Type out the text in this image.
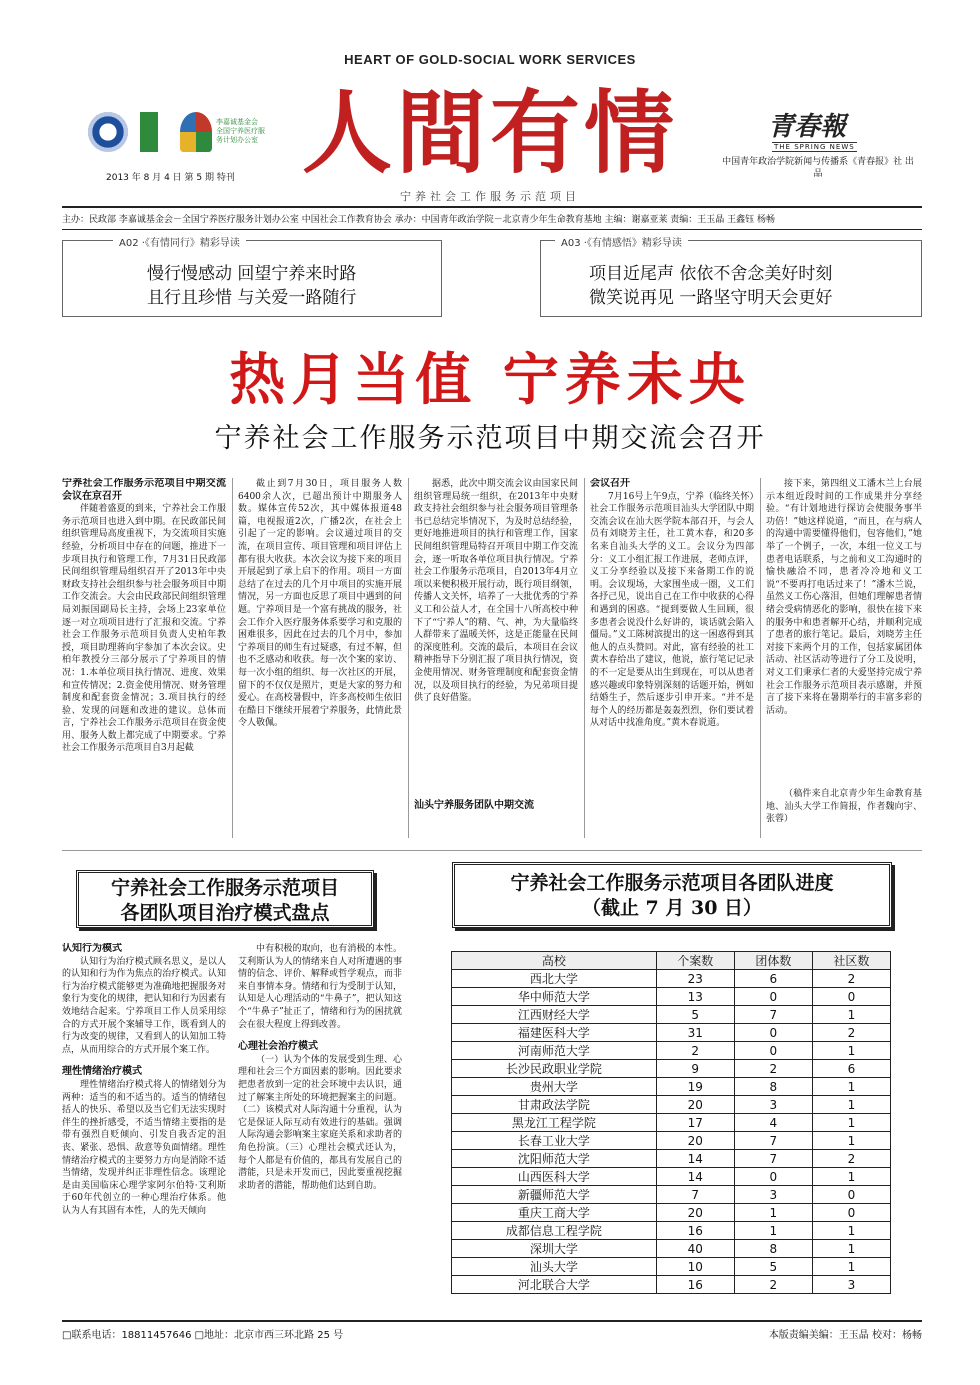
HEART OF GOLD-SOCIAL WORK SERVICES
李嘉诚基金会 全国宁养医疗服务计划办公室 人間有情
2013 年 8 月 4 日 第 5 期 特刊
宁养社会工作服务示范项目
青春報
THE SPRING NEWS
中国青年政治学院新闻与传播系《青春报》社 出品
主办：民政部 李嘉诚基金会－全国宁养医疗服务计划办公室 中国社会工作教育协会 承办：中国青年政治学院－北京青少年生命教育基地 主编：谢嘉亚莱 责编：王玉晶 王鑫钰 杨畅
A02 ·《有情同行》精彩导读
慢行慢感动 回望宁养来时路
且行且珍惜 与关爱一路随行
A03 ·《有情感悟》精彩导读
项目近尾声 依依不舍念美好时刻
微笑说再见 一路坚守明天会更好
热月当值 宁养未央
宁养社会工作服务示范项目中期交流会召开
宁养社会工作服务示范项目中期交流会议在京召开

伴随着盛夏的到来，宁养社会工作服务示范项目也进入到中期。在民政部民间组织管理局高度重视下，为交流项目实施经验，分析项目中存在的问题，推进下一步项目执行和管理工作，7月31日民政部民间组织管理局组织召开了2013年中央财政支持社会组织参与社会服务项目中期工作交流会。大会由民政部民间组织管理局刘振国副局长主持，会场上23家单位逐一对立项项目进行了汇报和交流。宁养社会工作服务示范项目负责人史柏年教授，项目助理蒋向宇参加了本次会议。史柏年教授分三部分展示了宁养项目的情况：1.本单位项目执行情况、进度、效果和宣传情况；2.资金使用情况、财务管理制度和配套资金情况；3.项目执行的经验、发现的问题和改进的建议。总体而言，宁养社会工作服务示范项目在资金使用、服务人数上都完成了中期要求。宁养社会工作服务示范项目自3月起截

截止到7月30日，项目服务人数6400余人次，已超出预计中期服务人数。媒体宣传52次，其中媒体报道48篇，电视报道2次，广播2次，在社会上引起了一定的影响。会议通过项目的交流，在项目宣传、项目管理和项目评估上都有很大收获。本次会议为接下来的项目开展起到了承上启下的作用。项目一方面总结了在过去的几个月中项目的实施开展情况，另一方面也反思了项目中遇到的问题。宁养项目是一个富有挑战的服务，社会工作介入医疗服务体系要学习和克服的困难很多，因此在过去的几个月中，参加宁养项目的师生有过疑惑，有过不解，但也不乏感动和收获。每一次个案的家访、每一次小组的组织、每一次社区的开展，留下的不仅仅是照片，更是大家的努力和爱心。在高校暑假中，许多高校师生依旧在酷日下继续开展着宁养服务，此情此景令人敬佩。

据悉，此次中期交流会议由国家民间组织管理局统一组织，在2013年中央财政支持社会组织参与社会服务项目管理条书已总结完毕情况下，为及时总结经验，更好地推进项目的执行和管理工作，国家民间组织管理局特召开项目中期工作交流会，逐一听取各单位项目执行情况。宁养社会工作服务示范项目，自2013年4月立项以来便积极开展行动，既行项目纲领，传播人文关怀，培养了一大批优秀的宁养义工和公益人才，在全国十八所高校中种下了“宁养人”的精、气、神，为大量临终人群带来了温暖关怀，这是正能量在民间的深度胜利。交流的最后，本项目在会议精神指导下分别汇报了项目执行情况，资金使用情况、财务管理制度和配套资金情况，以及项目执行的经验，为兄弟项目提供了良好借鉴。

汕头宁养服务团队中期交流
会议召开

7月16号上午9点，宁养（临终关怀）社会工作服务示范项目汕头大学团队中期交流会议在汕大医学院本部召开，与会人员有刘晓芳主任，社工黄木春，和20多名来自汕头大学的义工。会议分为四部分：义工小组汇报工作进展，老师点评，义工分享经验以及接下来备期工作的说明。会议现场，大家围坐成一圈，义工们各抒己见，说出自己在工作中收获的心得和遇到的困惑。“提到要做人生回顾，很多患者会说没什么好讲的，谈话就会陷入僵局。”义工陈树滨提出的这一困惑得到其他人的点头赞同。对此，富有经验的社工黄木春给出了建议，他说，旅行笔记记录的不一定是要从出生到现在，可以从患者感兴趣或印象特别深刻的话题开始，例如结婚生子，然后逐步引申开来。“并不是每个人的经历都是轰轰烈烈，你们要试着从对话中找准角度。”黄木春说道。

接下来，第四组义工潘木兰上台展示本组近段时间的工作成果并分享经验。“有计划地进行探访会使服务事半功倍！”她这样说道，“而且，在与病人的沟通中需要懂得他们，包容他们，”她举了一个例子，一次，本组一位义工与患者电话联系，与之前和义工沟通时的愉快融洽不同，患者冷冷地和义工说“不要再打电话过来了！”潘木兰说，虽然义工伤心落泪，但她们理解患者情绪会受病情恶化的影响，很快在接下来的服务中和患者解开心结，并顺利完成了患者的旅行笔记。最后，刘晓芳主任对接下来两个月的工作，包括家属团体活动、社区活动等进行了分工及说明，对义工们秉承仁者的大爱坚持完成宁养社会工作服务示范项目表示感谢，并预言了接下来将在暑期举行的丰富多彩的活动。

（稿件来自北京青少年生命教育基地、汕头大学工作简报，作者魏向宇、张蓉）

宁养社会工作服务示范项目
各团队项目治疗模式盘点
宁养社会工作服务示范项目各团队进度
（截止 7 月 30 日）
认知行为模式

认知行为治疗模式顾名思义，是以人的认知和行为作为焦点的治疗模式。认知行为治疗模式能够更为准确地把握服务对象行为变化的规律，把认知和行为因素有效地结合起来。宁养项目工作人员采用综合的方式开展个案辅导工作，既看到人的行为改变的规律，又看到人的认知加工特点，从而用综合的方式开展个案工作。

理性情绪治疗模式

理性情绪治疗模式将人的情绪划分为两种：适当的和不适当的。适当的情绪包括人的快乐、希望以及当它们无法实现时伴生的挫折感受，不适当情绪主要指的是带有强烈自贬倾向、引发自我否定的沮丧、紧张、恐惧、敌意等负面情绪。理性情绪治疗模式的主要努力方向是消除不适当情绪，发现并纠正非理性信念。该理论是由美国临床心理学家阿尔伯特·艾利斯于60年代创立的一种心理治疗体系。他认为人有其固有本性，人的先天倾向

中有积极的取向，也有消极的本性。艾利斯认为人的情绪来自人对所遭遇的事情的信念、评价、解释或哲学观点，而非来自事情本身。情绪和行为受制于认知，认知是人心理活动的“牛鼻子”，把认知这个“牛鼻子”扯正了，情绪和行为的困扰就会在很大程度上得到改善。

心理社会治疗模式

（一）认为个体的发展受到生理、心理和社会三个方面因素的影响。因此要求把患者放到一定的社会环境中去认识，通过了解案主所处的环境把握案主的问题。（二）该模式对人际沟通十分重视，认为它是保证人际互动有效进行的基础。强调人际沟通会影响案主家庭关系和求助者的角色扮演。（三）心理社会模式还认为，每个人都是有价值的，都具有发展自己的潜能，只是未开发而已，因此要重视挖掘求助者的潜能，帮助他们达到自助。

高校	个案数	团体数	社区数
西北大学	23	6	2
华中师范大学	13	0	0
江西财经大学	5	7	1
福建医科大学	31	0	2
河南师范大学	2	0	1
长沙民政职业学院	9	2	6
贵州大学	19	8	1
甘肃政法学院	20	3	1
黑龙江工程学院	17	4	1
长春工业大学	20	7	1
沈阳师范大学	14	7	2
山西医科大学	14	0	1
新疆师范大学	7	3	0
重庆工商大学	20	1	0
成都信息工程学院	16	1	1
深圳大学	40	8	1
汕头大学	10	5	1
河北联合大学	16	2	3
□联系电话：18811457646 □地址：北京市西三环北路 25 号	本版责编美编：王玉晶 校对：杨畅
